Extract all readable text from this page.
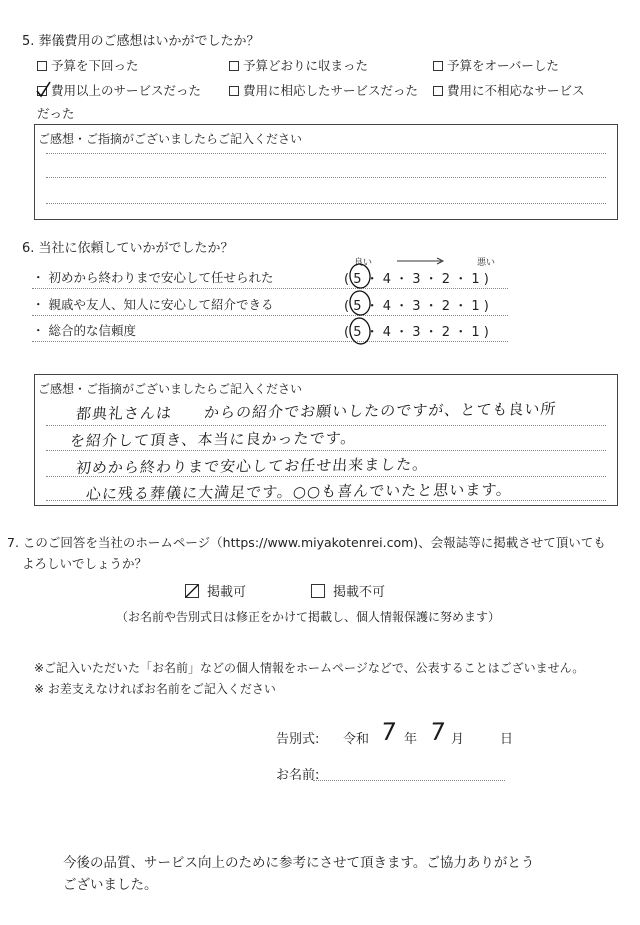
5. 葬儀費用のご感想はいかがでしたか？
予算を下回った	予算どおりに収まった	予算をオーバーした
費用以上のサービスだった	費用に相応したサービスだった	費用に不相応なサービス
だった
ご感想・ご指摘がございましたらご記入ください
6. 当社に依頼していかがでしたか？
良い	悪い
・ 初めから終わりまで安心して任せられた	( 5 ・ 4 ・ 3 ・ 2 ・ 1 )
・ 親戚や友人、知人に安心して紹介できる	( 5 ・ 4 ・ 3 ・ 2 ・ 1 )
・ 総合的な信頼度	( 5 ・ 4 ・ 3 ・ 2 ・ 1 )
ご感想・ご指摘がございましたらご記入ください
都典礼さんは　　からの紹介でお願いしたのですが、とても良い所
を紹介して頂き、本当に良かったです。
初めから終わりまで安心してお任せ出来ました。
心に残る葬儀に大満足です。○○も喜んでいたと思います。
7. このご回答を当社のホームページ（https://www.miyakotenrei.com)、会報誌等に掲載させて頂いても
よろしいでしょうか？
掲載可	掲載不可
（お名前や告別式日は修正をかけて掲載し、個人情報保護に努めます）
※ご記入いただいた「お名前」などの個人情報をホームページなどで、公表することはございません。
※ お差支えなければお名前をご記入ください
告別式: 令和 7 年 7 月	日
お名前:
今後の品質、サービス向上のために参考にさせて頂きます。ご協力ありがとう
ございました。
